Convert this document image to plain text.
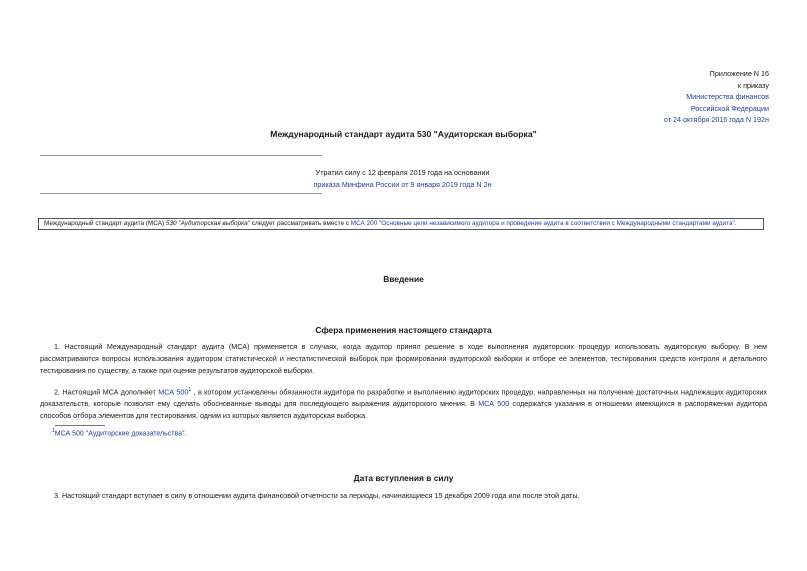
Приложение N 16
к приказу
Министерства финансов
Российской Федерации
от 24 октября 2016 года N 192н
Международный стандарт аудита 530 "Аудиторская выборка"
Утратил силу с 12 февраля 2019 года на основании
приказа Минфина России от 9 января 2019 года N 2н
Международный стандарт аудита (МСА) 530 "Аудиторская выборка" следует рассматривать вместе с МСА 200 "Основные цели независимого аудитора и проведение аудита в соответствии с Международными стандартами аудита".
Введение
Сфера применения настоящего стандарта
1. Настоящий Международный стандарт аудита (МСА) применяется в случаях, когда аудитор принял решение в ходе выполнения аудиторских процедур использовать аудиторскую выборку. В нем рассматриваются вопросы использования аудитором статистической и нестатистической выборок при формировании аудиторской выборки и отборе ее элементов, тестирования средств контроля и детального тестирования по существу, а также при оценке результатов аудиторской выборки.
2. Настоящий МСА дополняет МСА $500^1$ , в котором установлены обязанности аудитора по разработке и выполнению аудиторских процедур, направленных на получение достаточных надлежащих аудиторских доказательств, которые позволят ему сделать обоснованные выводы для последующего выражения аудиторского мнения. В МСА 500 содержатся указания в отношении имеющихся в распоряжении аудитора способов отбора элементов для тестирования, одним из которых является аудиторская выборка.
$^1$МСА 500 "Аудиторские доказательства".
Дата вступления в силу
3. Настоящий стандарт вступает в силу в отношении аудита финансовой отчетности за периоды, начинающиеся 15 декабря 2009 года или после этой даты.
